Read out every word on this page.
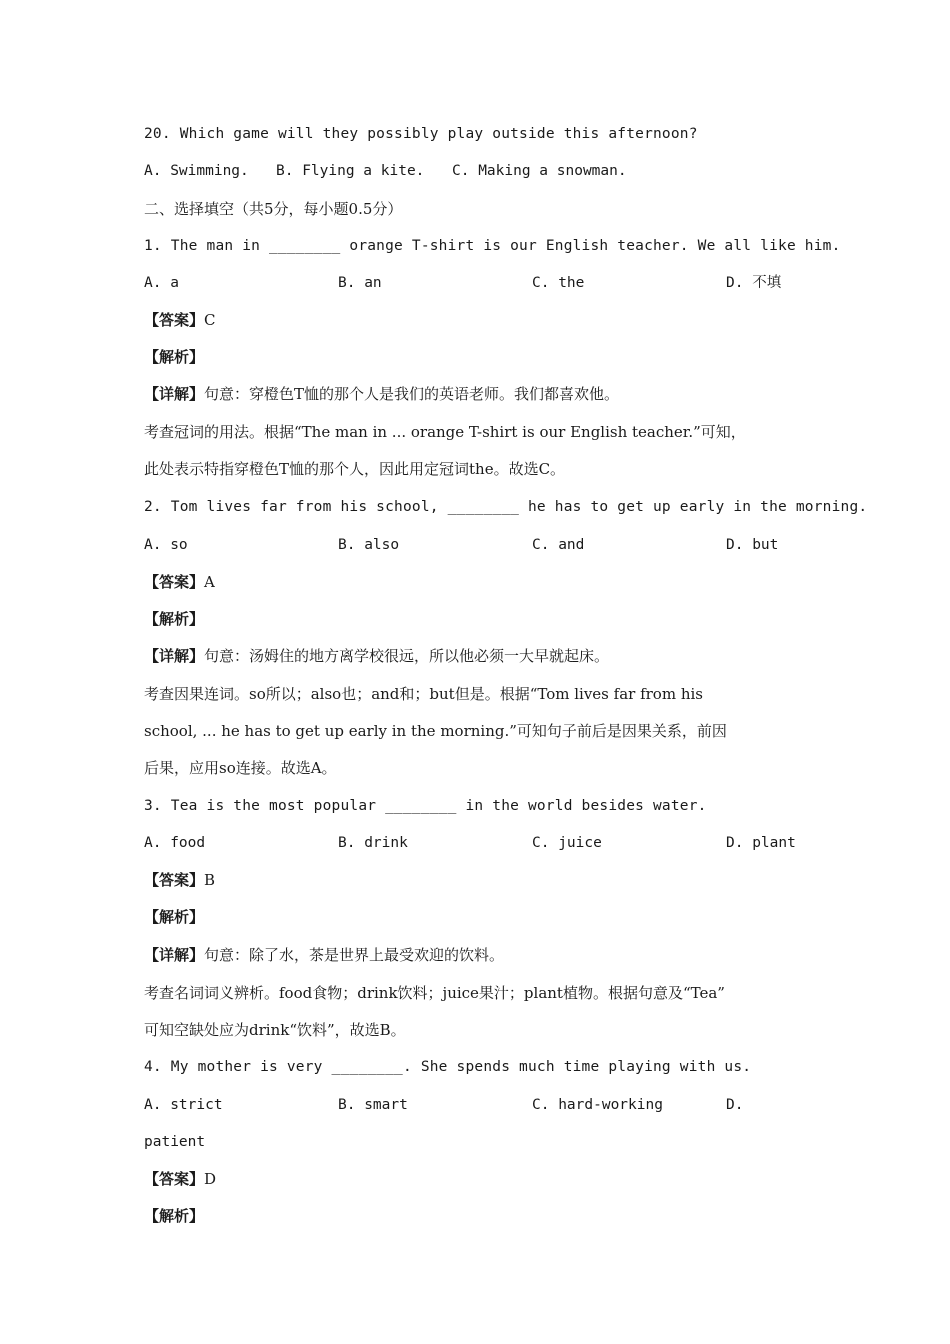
20. Which game will they possibly play outside this afternoon?
A. Swimming. B. Flying a kite. C. Making a snowman.
二、选择填空（共5分，每小题0.5分）
1. The man in ________ orange T-shirt is our English teacher. We all like him.
A. a	B. an	C. the	D. 不填
【答案】C
【解析】
【详解】句意：穿橙色T恤的那个人是我们的英语老师。我们都喜欢他。
考查冠词的用法。根据“The man in ... orange T-shirt is our English teacher.”可知，
此处表示特指穿橙色T恤的那个人，因此用定冠词the。故选C。
2. Tom lives far from his school, ________ he has to get up early in the morning.
A. so	B. also	C. and	D. but
【答案】A
【解析】
【详解】句意：汤姆住的地方离学校很远，所以他必须一大早就起床。
考查因果连词。so所以；also也；and和；but但是。根据“Tom lives far from his
school, ... he has to get up early in the morning.”可知句子前后是因果关系，前因
后果，应用so连接。故选A。
3. Tea is the most popular ________ in the world besides water.
A. food	B. drink	C. juice	D. plant
【答案】B
【解析】
【详解】句意：除了水，茶是世界上最受欢迎的饮料。
考查名词词义辨析。food食物；drink饮料；juice果汁；plant植物。根据句意及“Tea”
可知空缺处应为drink“饮料”，故选B。
4. My mother is very ________. She spends much time playing with us.
A. strict	B. smart	C. hard-working	D.
patient
【答案】D
【解析】
